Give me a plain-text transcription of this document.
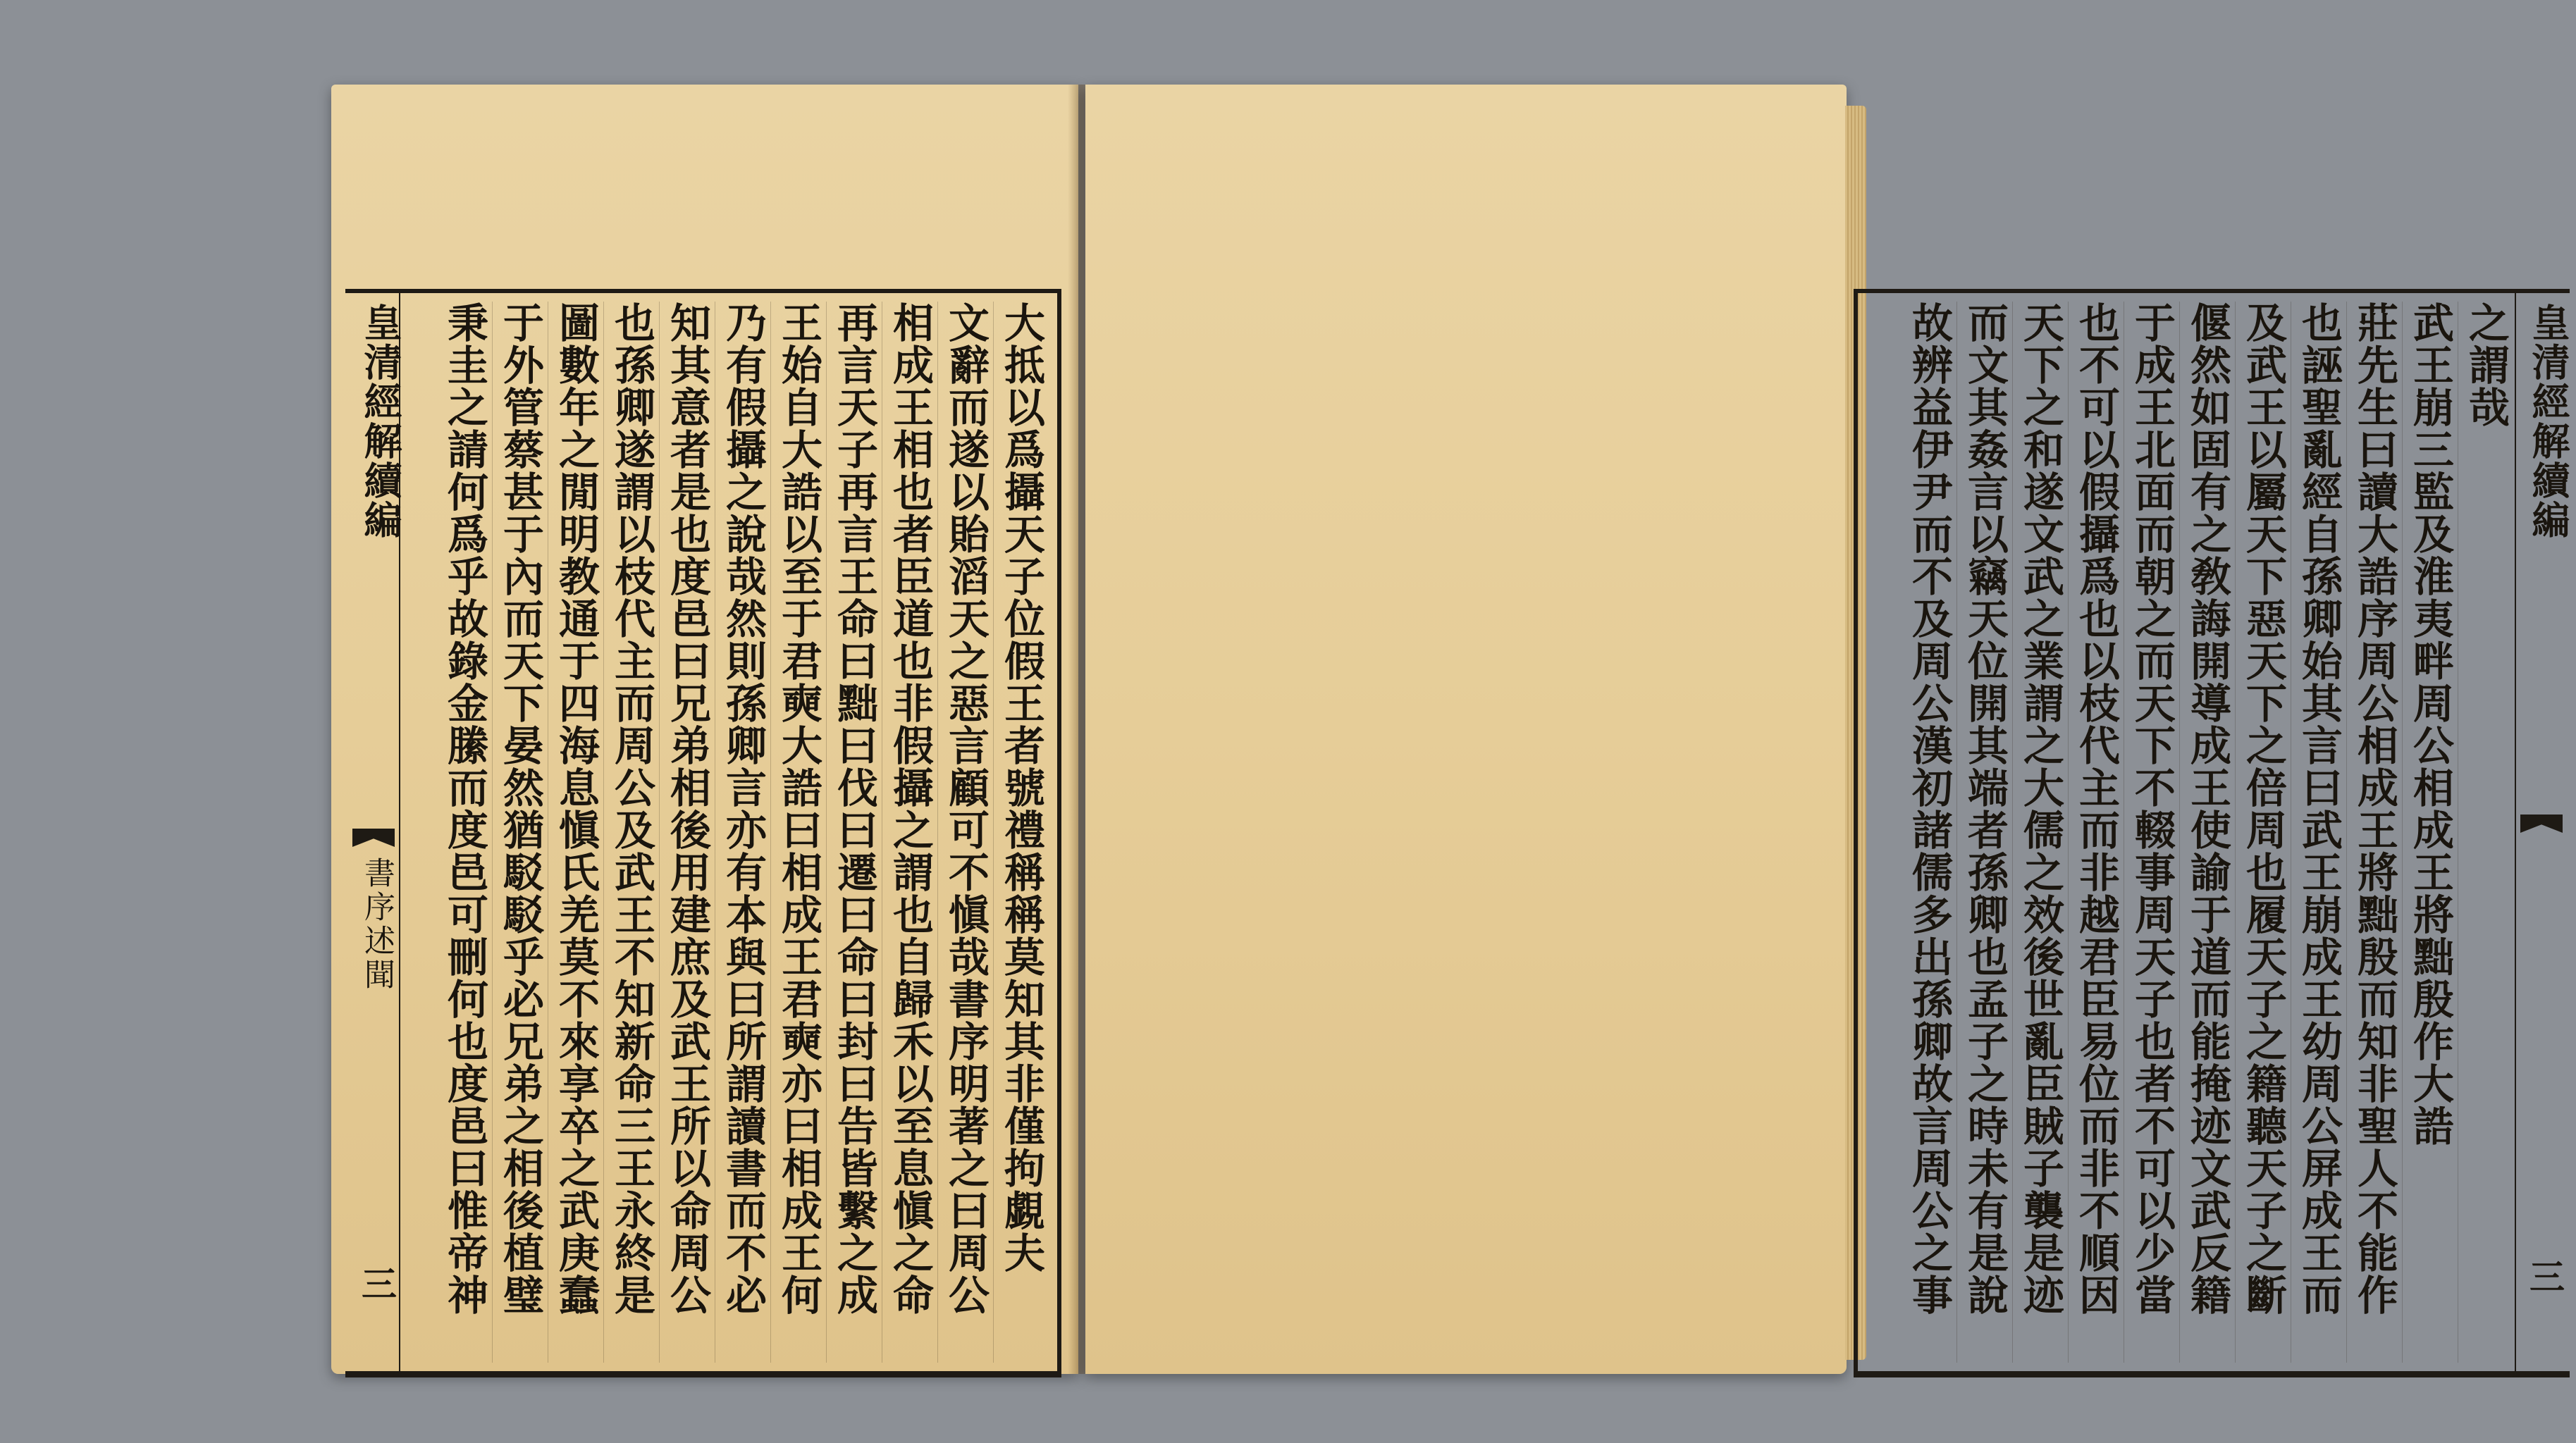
皇清經解續編
書序述聞
三
大抵以爲攝天子位假王者號禮稱稱莫知其非僅拘覷夫
文辭而遂以貽滔天之惡言顧可不愼哉書序明著之曰周公
相成王相也者臣道也非假攝之謂也自歸禾以至息愼之命
再言天子再言王命曰黜曰伐曰遷曰命曰封曰告皆繫之成
王始自大誥以至于君奭大誥曰相成王君奭亦曰相成王何
乃有假攝之說哉然則孫卿言亦有本與曰所謂讀書而不必
知其意者是也度邑曰兄弟相後用建庶及武王所以命周公
也孫卿遂謂以枝代主而周公及武王不知新命三王永終是
圖數年之閒明教通于四海息愼氏羌莫不來享卒之武庚蠢
于外管蔡甚于內而天下晏然猶駁駁乎必兄弟之相後植璧
秉圭之請何爲乎故錄金縢而度邑可刪何也度邑曰惟帝神	皇清經解續編
三
之謂哉
武王崩三監及淮夷畔周公相成王將黜殷作大誥
莊先生曰讀大誥序周公相成王將黜殷而知非聖人不能作
也誣聖亂經自孫卿始其言曰武王崩成王幼周公屏成王而
及武王以屬天下惡天下之倍周也履天子之籍聽天子之斷
偃然如固有之敎誨開導成王使諭于道而能掩迹文武反籍
于成王北面而朝之而天下不輟事周天子也者不可以少當
也不可以假攝爲也以枝代主而非越君臣易位而非不順因
天下之和遂文武之業謂之大儒之效後世亂臣賊子襲是迹
而文其姦言以竊天位開其端者孫卿也孟子之時未有是說
故辨益伊尹而不及周公漢初諸儒多出孫卿故言周公之事
